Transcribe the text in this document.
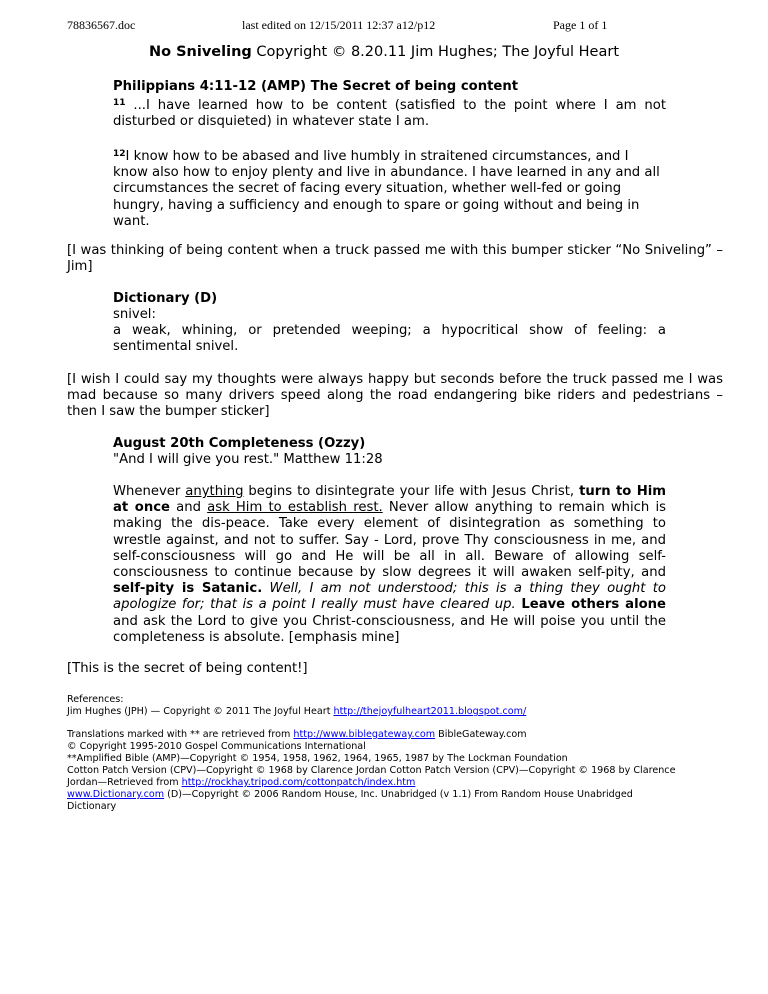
78836567.doc	last edited on 12/15/2011 12:37 a12/p12	Page 1 of 1
No Sniveling Copyright © 8.20.11 Jim Hughes; The Joyful Heart
Philippians 4:11-12 (AMP) The Secret of being content
$^{11}$ ...I have learned how to be content (satisfied to the point where I am not disturbed or disquieted) in whatever state I am.
$^{12}$I know how to be abased and live humbly in straitened circumstances, and I know also how to enjoy plenty and live in abundance. I have learned in any and all circumstances the secret of facing every situation, whether well-fed or going hungry, having a sufficiency and enough to spare or going without and being in want.
[I was thinking of being content when a truck passed me with this bumper sticker “No Sniveling” – Jim]
Dictionary (D)
snivel:
a weak, whining, or pretended weeping; a hypocritical show of feeling: a sentimental snivel.
[I wish I could say my thoughts were always happy but seconds before the truck passed me I was mad because so many drivers speed along the road endangering bike riders and pedestrians – then I saw the bumper sticker]
August 20th Completeness (Ozzy)
"And I will give you rest." Matthew 11:28
Whenever anything begins to disintegrate your life with Jesus Christ, turn to Him at once and ask Him to establish rest. Never allow anything to remain which is making the dis-peace. Take every element of disintegration as something to wrestle against, and not to suffer. Say - Lord, prove Thy consciousness in me, and self-consciousness will go and He will be all in all. Beware of allowing self-consciousness to continue because by slow degrees it will awaken self-pity, and self-pity is Satanic. Well, I am not understood; this is a thing they ought to apologize for; that is a point I really must have cleared up. Leave others alone and ask the Lord to give you Christ-consciousness, and He will poise you until the completeness is absolute. [emphasis mine]
[This is the secret of being content!]
References:
Jim Hughes (JPH) — Copyright © 2011 The Joyful Heart http://thejoyfulheart2011.blogspot.com/
Translations marked with ** are retrieved from http://www.biblegateway.com BibleGateway.com
© Copyright 1995-2010 Gospel Communications International
**Amplified Bible (AMP)—Copyright © 1954, 1958, 1962, 1964, 1965, 1987 by The Lockman Foundation
Cotton Patch Version (CPV)—Copyright © 1968 by Clarence Jordan Cotton Patch Version (CPV)—Copyright © 1968 by Clarence
Jordan—Retrieved from http://rockhay.tripod.com/cottonpatch/index.htm
www.Dictionary.com (D)—Copyright © 2006 Random House, Inc. Unabridged (v 1.1) From Random House Unabridged
Dictionary
